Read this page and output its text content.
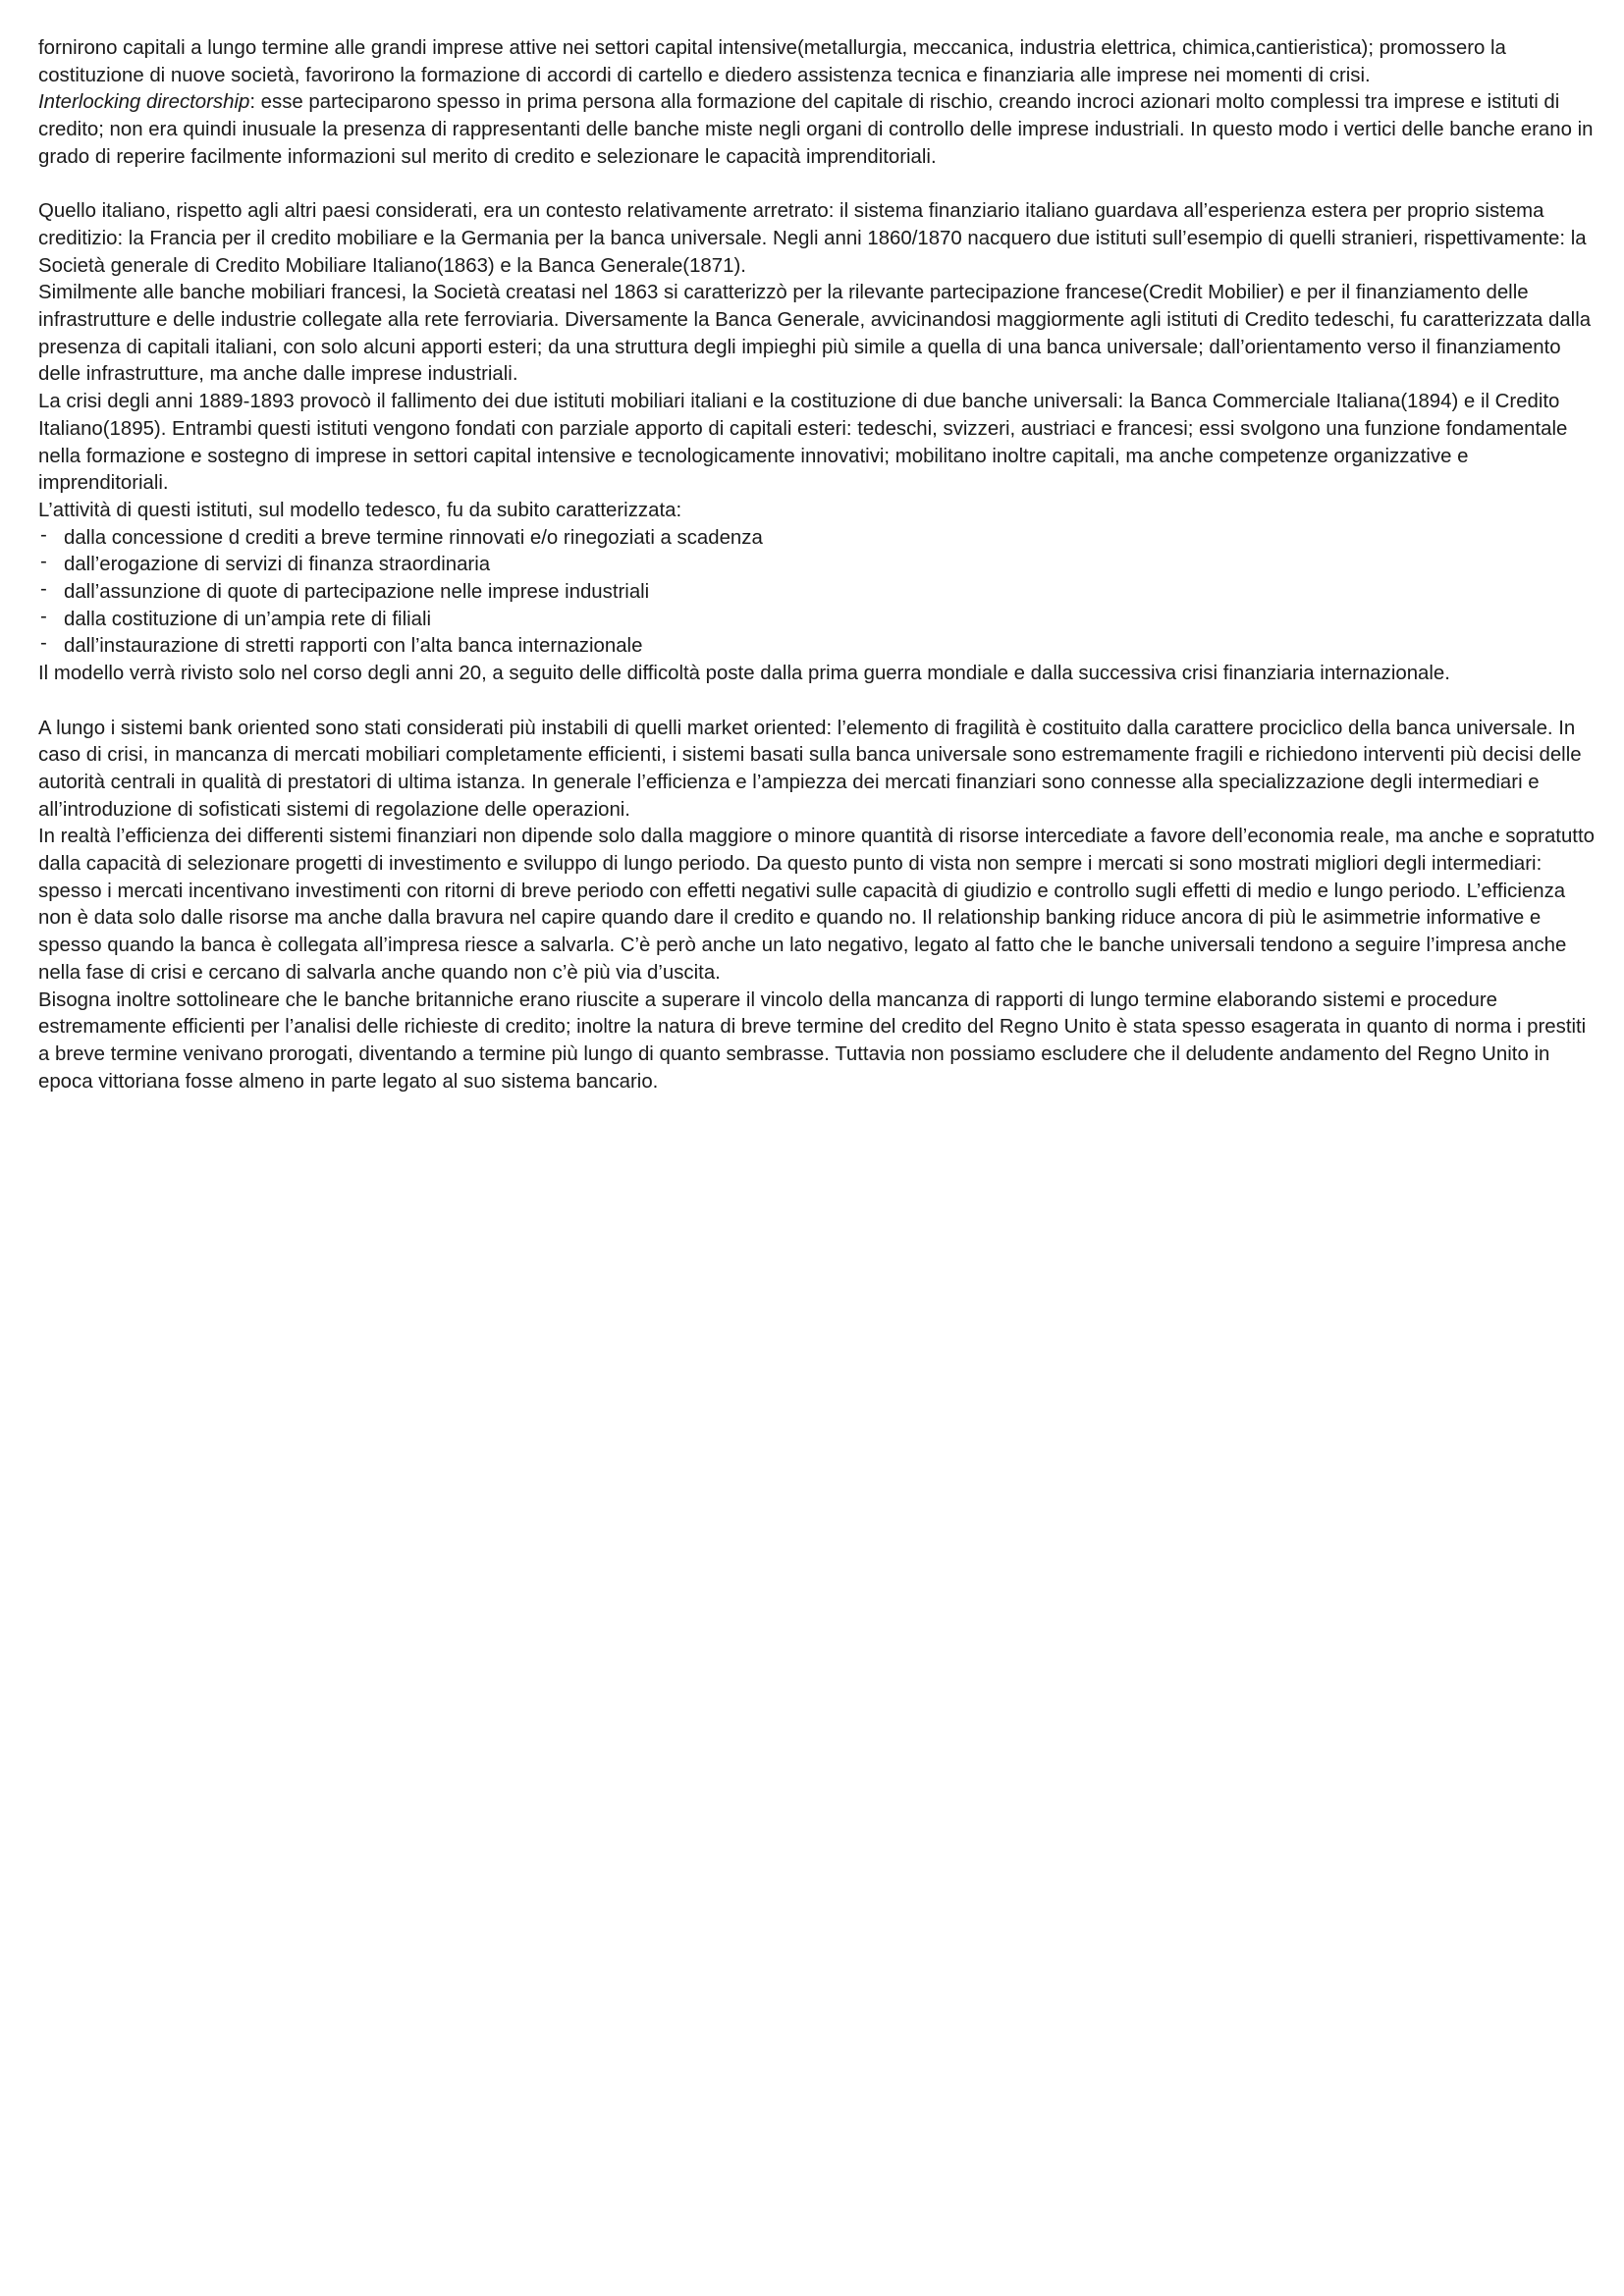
fornirono capitali a lungo termine alle grandi imprese attive nei settori capital intensive(metallurgia, meccanica, industria elettrica, chimica,cantieristica); promossero la costituzione di nuove società, favorirono la formazione di accordi di cartello e diedero assistenza tecnica e finanziaria alle imprese nei momenti di crisi.

Interlocking directorship: esse parteciparono spesso in prima persona alla formazione del capitale di rischio, creando incroci azionari molto complessi tra imprese e istituti di credito; non era quindi inusuale la presenza di rappresentanti delle banche miste negli organi di controllo delle imprese industriali. In questo modo i vertici delle banche erano in grado di reperire facilmente informazioni sul merito di credito e selezionare le capacità imprenditoriali.

Quello italiano, rispetto agli altri paesi considerati, era un contesto relativamente arretrato: il sistema finanziario italiano guardava all’esperienza estera per proprio sistema creditizio: la Francia per il credito mobiliare e la Germania per la banca universale. Negli anni 1860/1870 nacquero due istituti sull’esempio di quelli stranieri, rispettivamente: la Società generale di Credito Mobiliare Italiano(1863) e la Banca Generale(1871).

Similmente alle banche mobiliari francesi, la Società creatasi nel 1863 si caratterizzò per la rilevante partecipazione francese(Credit Mobilier) e per il finanziamento delle infrastrutture e delle industrie collegate alla rete ferroviaria. Diversamente la Banca Generale, avvicinandosi maggiormente agli istituti di Credito tedeschi, fu caratterizzata dalla presenza di capitali italiani, con solo alcuni apporti esteri; da una struttura degli impieghi più simile a quella di una banca universale; dall’orientamento verso il finanziamento delle infrastrutture, ma anche dalle imprese industriali.

La crisi degli anni 1889-1893 provocò il fallimento dei due istituti mobiliari italiani e la costituzione di due banche universali: la Banca Commerciale Italiana(1894) e il Credito Italiano(1895). Entrambi questi istituti vengono fondati con parziale apporto di capitali esteri: tedeschi, svizzeri, austriaci e francesi; essi svolgono una funzione fondamentale nella formazione e sostegno di imprese in settori capital intensive e tecnologicamente innovativi; mobilitano inoltre capitali, ma anche competenze organizzative e imprenditoriali.

L’attività di questi istituti, sul modello tedesco, fu da subito caratterizzata:

- dalla concessione d crediti a breve termine rinnovati e/o rinegoziati a scadenza
- dall’erogazione di servizi di finanza straordinaria
- dall’assunzione di quote di partecipazione nelle imprese industriali
- dalla costituzione di un’ampia rete di filiali
- dall’instaurazione di stretti rapporti con l’alta banca internazionale

Il modello verrà rivisto solo nel corso degli anni 20, a seguito delle difficoltà poste dalla prima guerra mondiale e dalla successiva crisi finanziaria internazionale.

A lungo i sistemi bank oriented sono stati considerati più instabili di quelli market oriented: l’elemento di fragilità è costituito dalla carattere prociclico della banca universale. In caso di crisi, in mancanza di mercati mobiliari completamente efficienti, i sistemi basati sulla banca universale sono estremamente fragili e richiedono interventi più decisi delle autorità centrali in qualità di prestatori di ultima istanza. In generale l’efficienza e l’ampiezza dei mercati finanziari sono connesse alla specializzazione degli intermediari e all’introduzione di sofisticati sistemi di regolazione delle operazioni.

In realtà l’efficienza dei differenti sistemi finanziari non dipende solo dalla maggiore o minore quantità di risorse intercediate a favore dell’economia reale, ma anche e sopratutto dalla capacità di selezionare progetti di investimento e sviluppo di lungo periodo. Da questo punto di vista non sempre i mercati si sono mostrati migliori degli intermediari: spesso i mercati incentivano investimenti con ritorni di breve periodo con effetti negativi sulle capacità di giudizio e controllo sugli effetti di medio e lungo periodo. L’efficienza non è data solo dalle risorse ma anche dalla bravura nel capire quando dare il credito e quando no. Il relationship banking riduce ancora di più le asimmetrie informative e spesso quando la banca è collegata all’impresa riesce a salvarla. C’è però anche un lato negativo, legato al fatto che le banche universali tendono a seguire l’impresa anche nella fase di crisi e cercano di salvarla anche quando non c’è più via d’uscita.

Bisogna inoltre sottolineare che le banche britanniche erano riuscite a superare il vincolo della mancanza di rapporti di lungo termine elaborando sistemi e procedure estremamente efficienti per l’analisi delle richieste di credito; inoltre la natura di breve termine del credito del Regno Unito è stata spesso esagerata in quanto di norma i prestiti a breve termine venivano prorogati, diventando a termine più lungo di quanto sembrasse. Tuttavia non possiamo escludere che il deludente andamento del Regno Unito in epoca vittoriana fosse almeno in parte legato al suo sistema bancario.
